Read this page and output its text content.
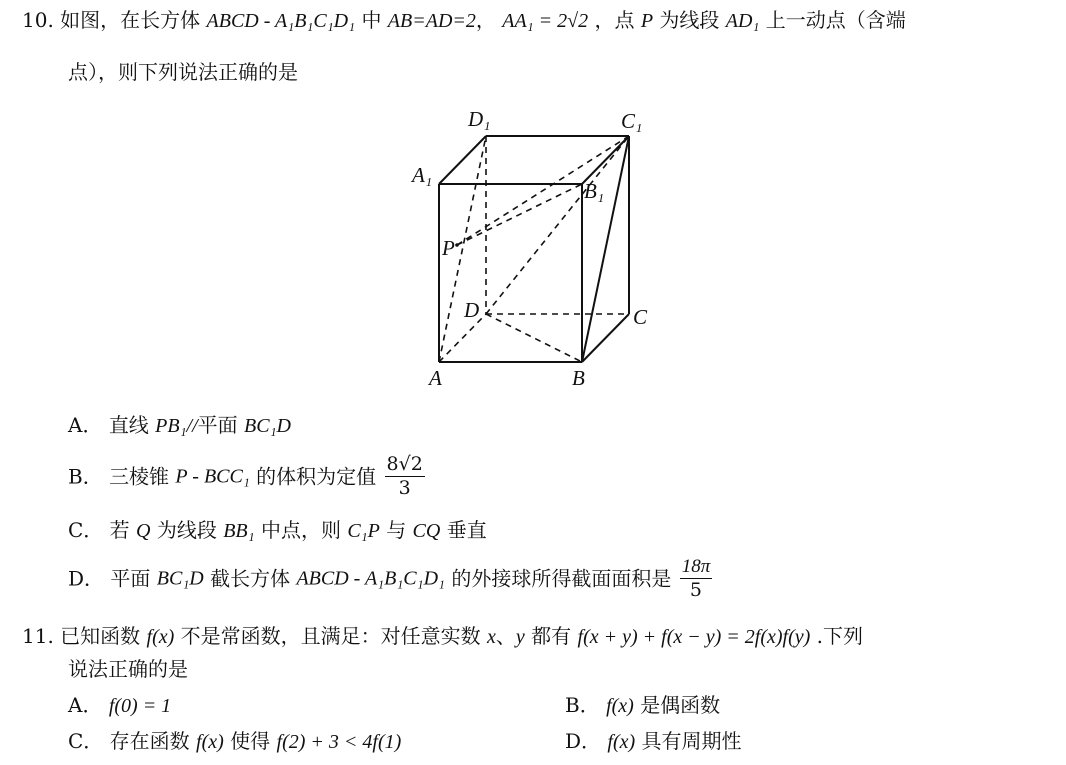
10. 如图，在长方体 ABCD - A₁B₁C₁D₁ 中 AB=AD=2， AA₁ = 2√2 ，点 P 为线段 AD₁ 上一动点（含端
点），则下列说法正确的是
D₁	C₁
A₁
B₁
P
D	C
A	B
A． 直线 PB₁//平面 BC₁D
B． 三棱锥 P - BCC₁ 的体积为定值 $\frac{8√2}{3}$
C． 若 Q 为线段 BB₁ 中点，则 C₁P 与 CQ 垂直
D． 平面 BC₁D 截长方体 ABCD - A₁B₁C₁D₁ 的外接球所得截面面积是 $\frac{18\pi}{5}$
11. 已知函数 f(x) 不是常函数，且满足：对任意实数 x、y 都有 f(x + y) + f(x − y) = 2f(x)f(y) .下列
说法正确的是
A． f(0) = 1	B． f(x) 是偶函数
C． 存在函数 f(x) 使得 f(2) + 3 < 4f(1)	D． f(x) 具有周期性
